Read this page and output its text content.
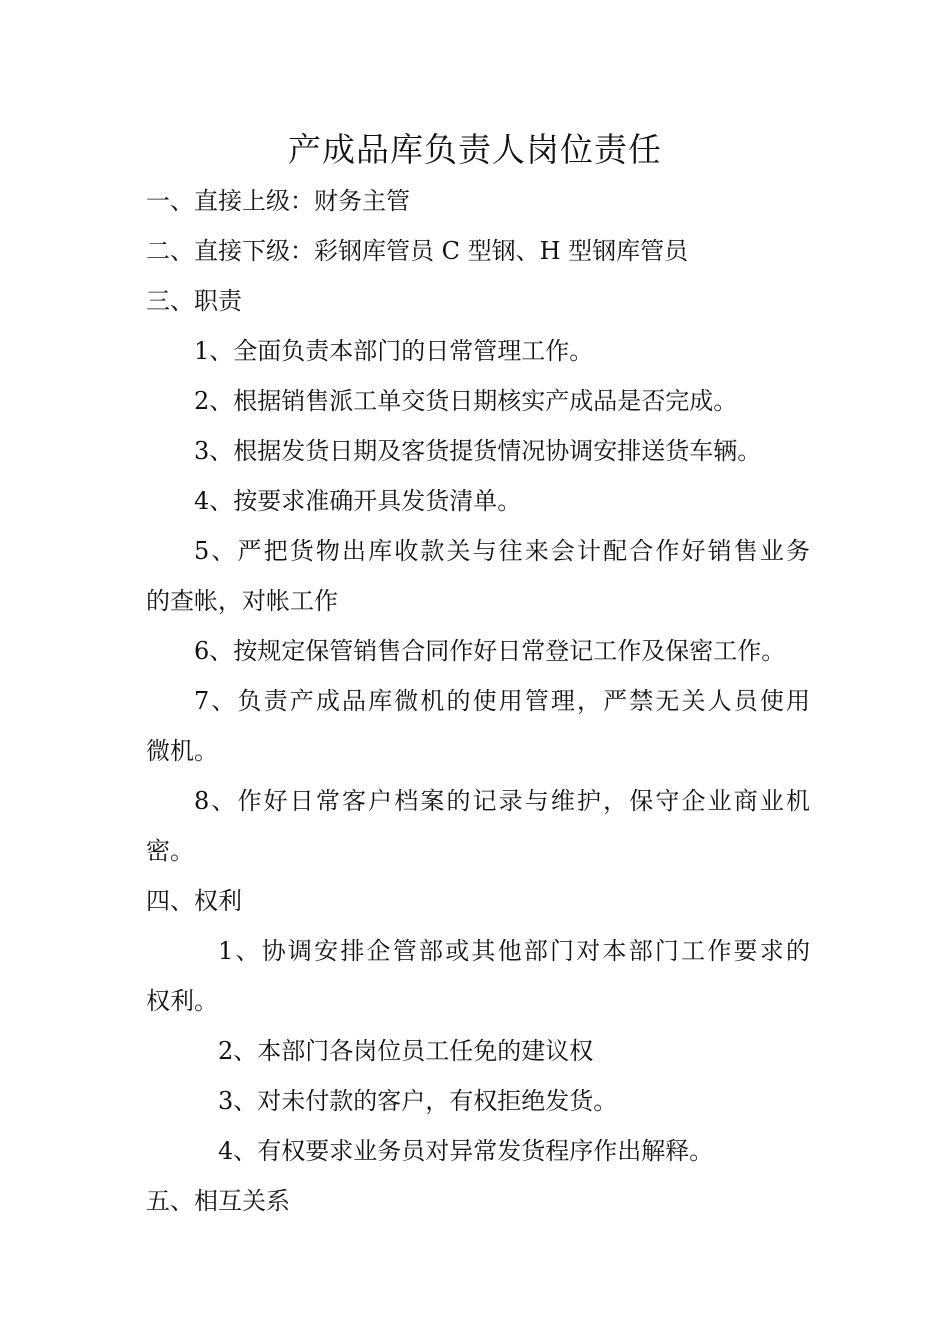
产成品库负责人岗位责任
一、直接上级：财务主管
二、直接下级：彩钢库管员 C 型钢、H 型钢库管员
三、职责
1、全面负责本部门的日常管理工作。
2、根据销售派工单交货日期核实产成品是否完成。
3、根据发货日期及客货提货情况协调安排送货车辆。
4、按要求准确开具发货清单。
5、严把货物出库收款关与往来会计配合作好销售业务
的查帐，对帐工作
6、按规定保管销售合同作好日常登记工作及保密工作。
7、负责产成品库微机的使用管理，严禁无关人员使用
微机。
8、作好日常客户档案的记录与维护，保守企业商业机
密。
四、权利
1、协调安排企管部或其他部门对本部门工作要求的
权利。
2、本部门各岗位员工任免的建议权
3、对未付款的客户，有权拒绝发货。
4、有权要求业务员对异常发货程序作出解释。
五、相互关系
